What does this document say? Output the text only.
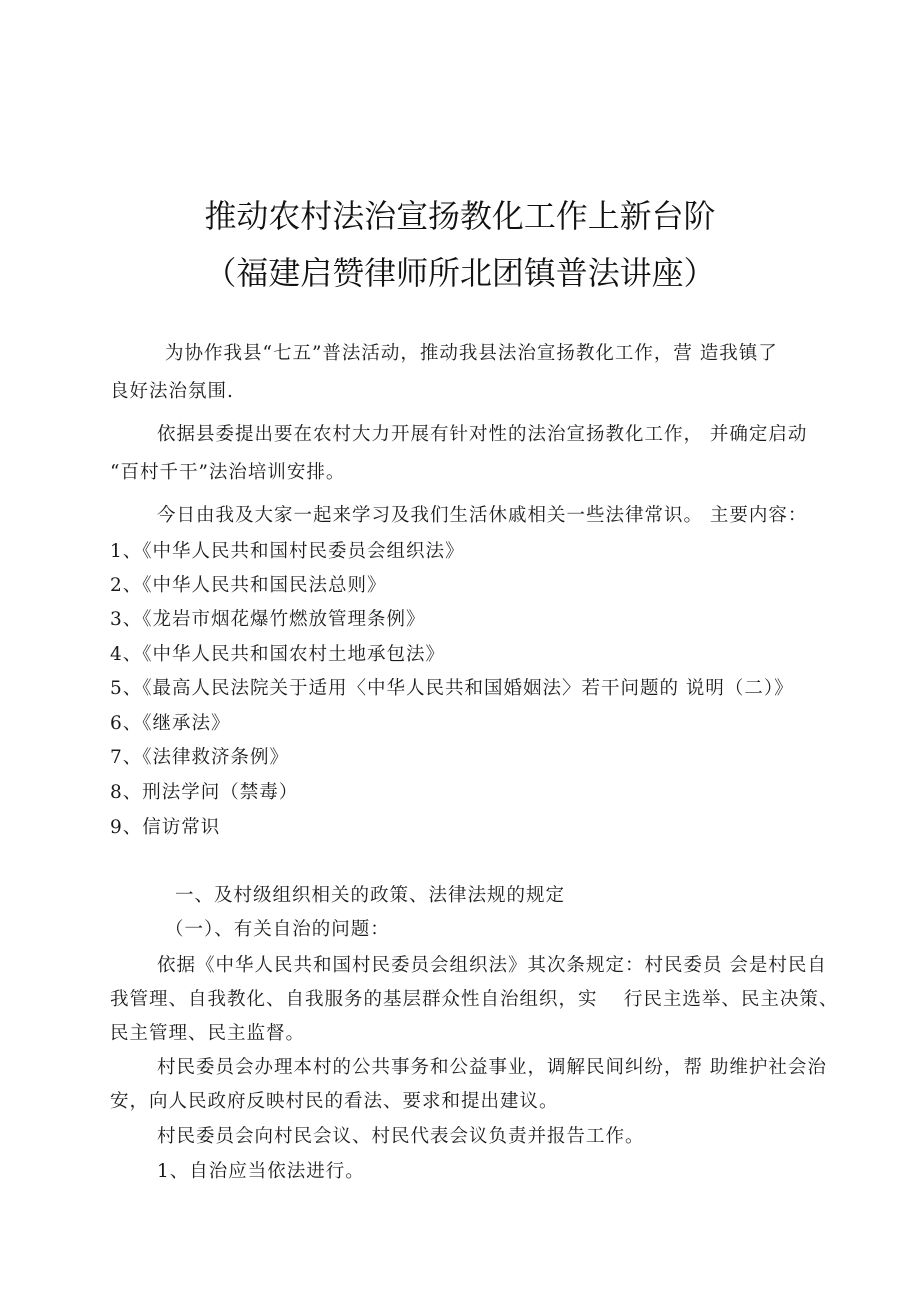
推动农村法治宣扬教化工作上新台阶
（福建启赞律师所北团镇普法讲座）
为协作我县“七五”普法活动，推动我县法治宣扬教化工作，营 造我镇了
良好法治氛围.
依据县委提出要在农村大力开展有针对性的法治宣扬教化工作， 并确定启动
“百村千干”法治培训安排。
今日由我及大家一起来学习及我们生活休戚相关一些法律常识。 主要内容：
1、《中华人民共和国村民委员会组织法》
2、《中华人民共和国民法总则》
3、《龙岩市烟花爆竹燃放管理条例》
4、《中华人民共和国农村土地承包法》
5、《最高人民法院关于适用〈中华人民共和国婚姻法〉若干问题的 说明（二）》
6、《继承法》
7、《法律救济条例》
8、刑法学问（禁毒）
9、信访常识
一、及村级组织相关的政策、法律法规的规定
（一）、有关自治的问题：
依据《中华人民共和国村民委员会组织法》其次条规定：村民委员 会是村民自
我管理、自我教化、自我服务的基层群众性自治组织，实 　行民主选举、民主决策、
民主管理、民主监督。
村民委员会办理本村的公共事务和公益事业，调解民间纠纷，帮 助维护社会治
安，向人民政府反映村民的看法、要求和提出建议。
村民委员会向村民会议、村民代表会议负责并报告工作。
1、自治应当依法进行。
